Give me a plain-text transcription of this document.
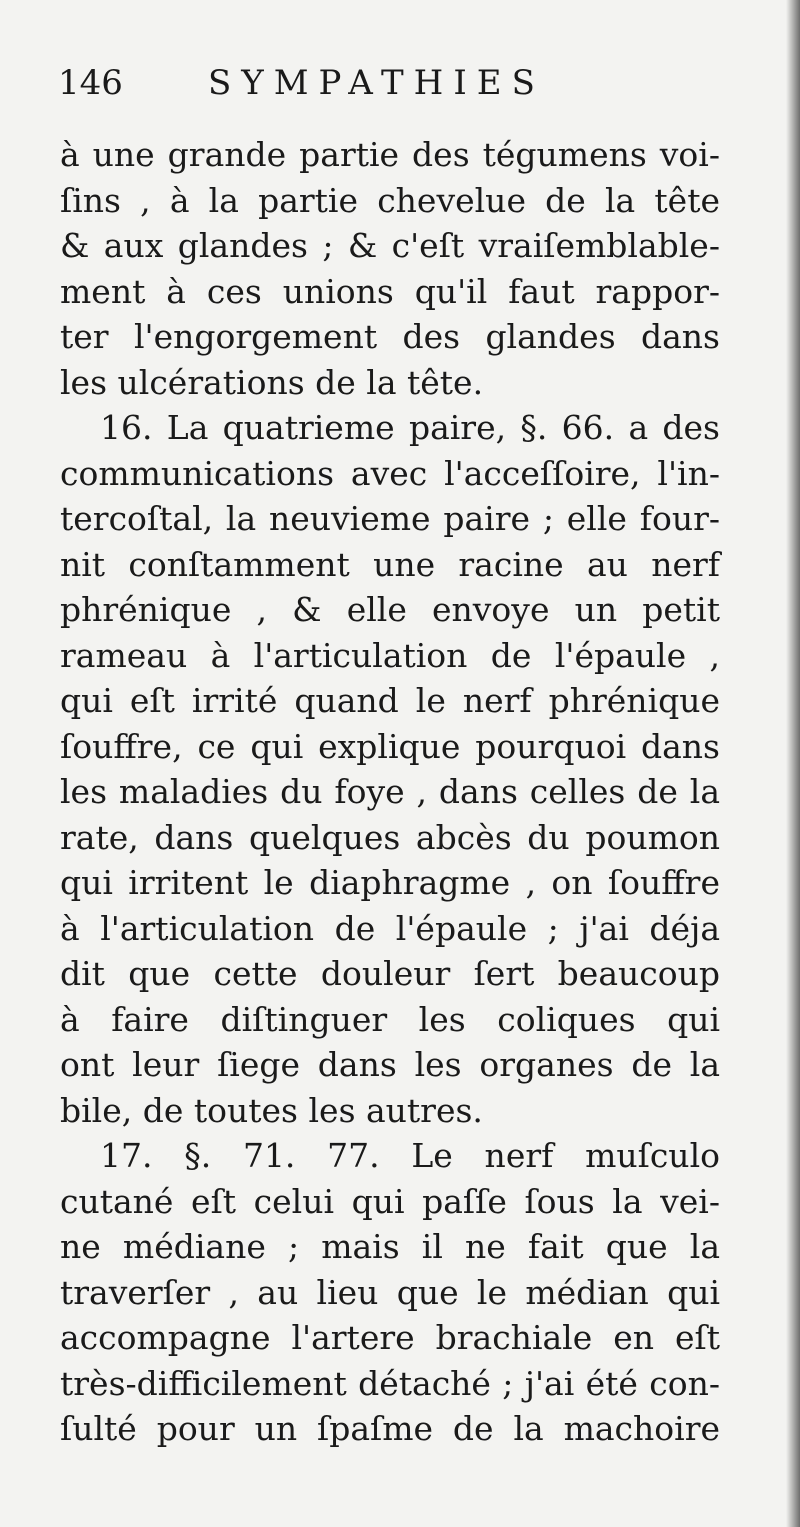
146	SYMPATHIES
à une grande partie des tégumens voi-
ſins , à la partie chevelue de la tête
& aux glandes ; & c'eſt vraiſemblable-
ment à ces unions qu'il faut rappor-
ter l'engorgement des glandes dans
les ulcérations de la tête.
16. La quatrieme paire, §. 66. a des
communications avec l'acceſſoire, l'in-
tercoſtal, la neuvieme paire ; elle four-
nit conſtamment une racine au nerf
phrénique , & elle envoye un petit
rameau à l'articulation de l'épaule ,
qui eſt irrité quand le nerf phrénique
ſouffre, ce qui explique pourquoi dans
les maladies du foye , dans celles de la
rate, dans quelques abcès du poumon
qui irritent le diaphragme , on ſouffre
à l'articulation de l'épaule ; j'ai déja
dit que cette douleur ſert beaucoup
à faire diſtinguer les coliques qui
ont leur ſiege dans les organes de la
bile, de toutes les autres.
17. §. 71. 77. Le nerf muſculo
cutané eſt celui qui paſſe ſous la vei-
ne médiane ; mais il ne fait que la
traverſer , au lieu que le médian qui
accompagne l'artere brachiale en eſt
très-difficilement détaché ; j'ai été con-
ſulté pour un ſpaſme de la machoire
